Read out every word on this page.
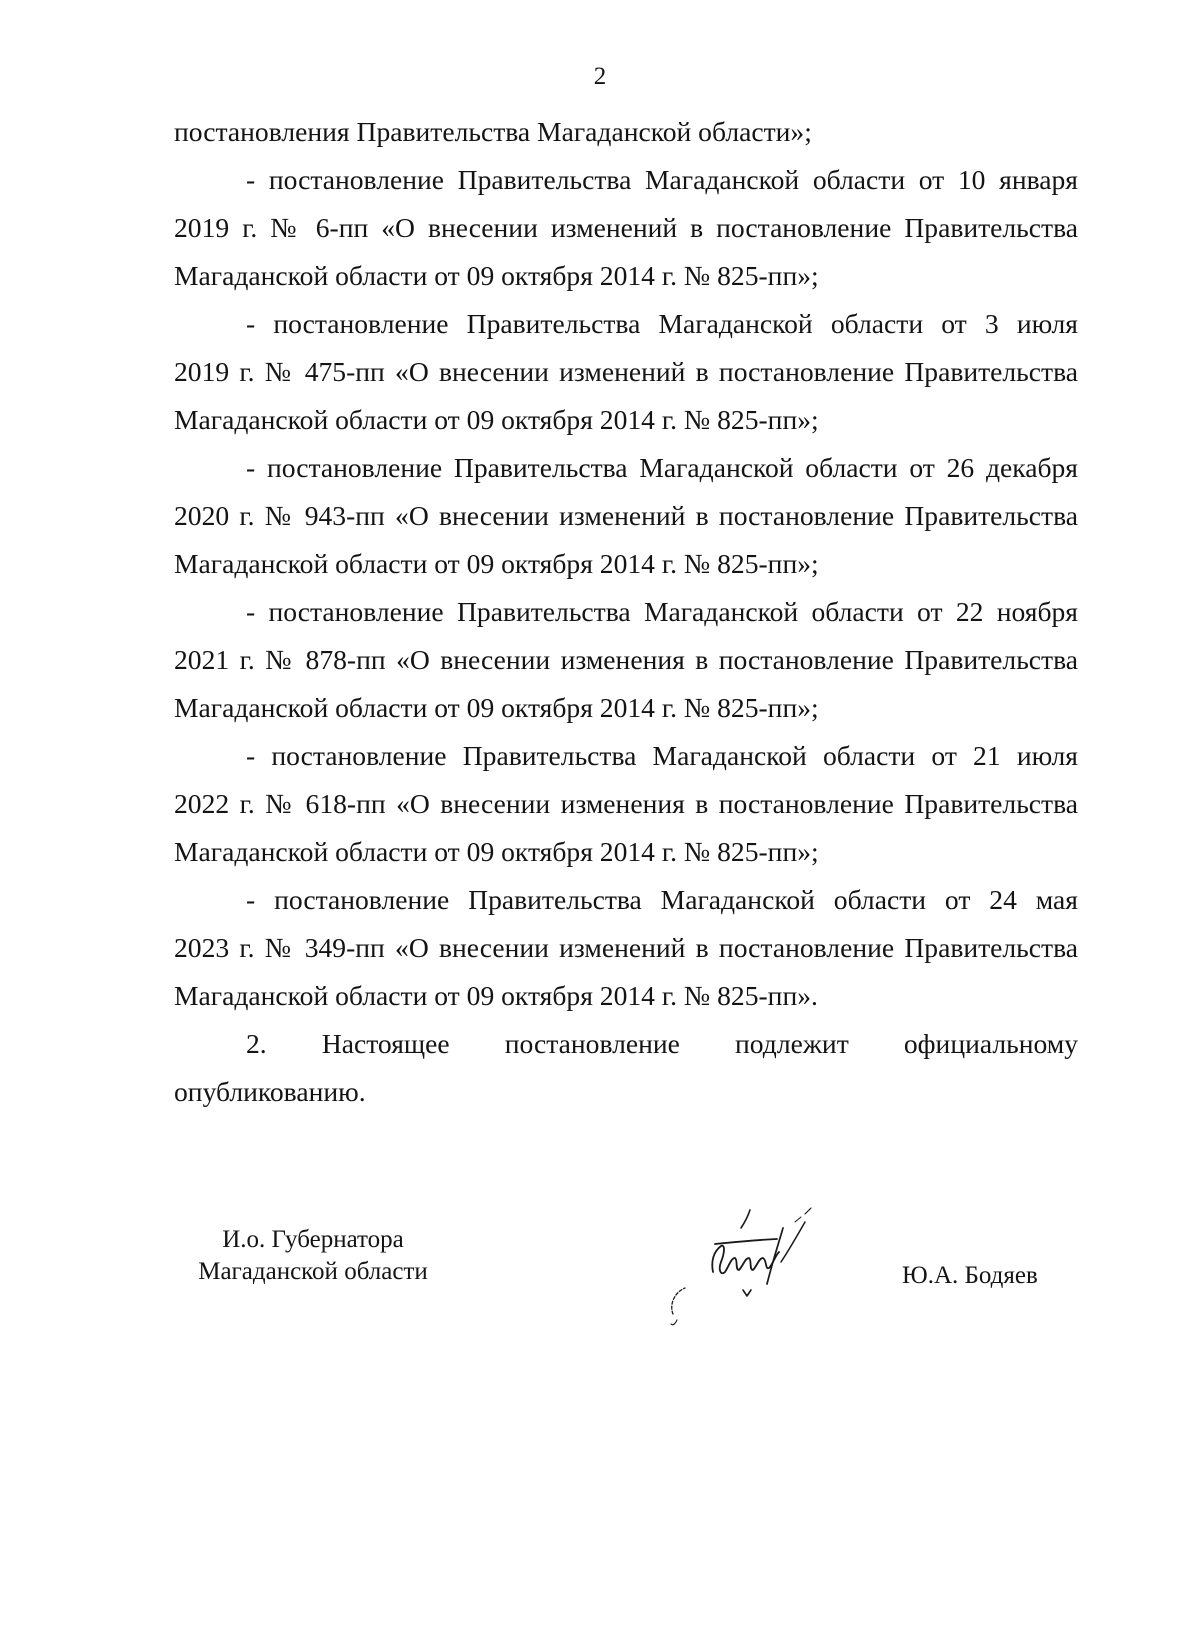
2

постановления Правительства Магаданской области»;

- постановление Правительства Магаданской области от 10 января
2019 г. № 6-пп «О внесении изменений в постановление Правительства
Магаданской области от 09 октября 2014 г. № 825-пп»;

- постановление Правительства Магаданской области от 3 июля
2019 г. № 475-пп «О внесении изменений в постановление Правительства
Магаданской области от 09 октября 2014 г. № 825-пп»;

- постановление Правительства Магаданской области от 26 декабря
2020 г. № 943-пп «О внесении изменений в постановление Правительства
Магаданской области от 09 октября 2014 г. № 825-пп»;

- постановление Правительства Магаданской области от 22 ноября
2021 г. № 878-пп «О внесении изменения в постановление Правительства
Магаданской области от 09 октября 2014 г. № 825-пп»;

- постановление Правительства Магаданской области от 21 июля
2022 г. № 618-пп «О внесении изменения в постановление Правительства
Магаданской области от 09 октября 2014 г. № 825-пп»;

- постановление Правительства Магаданской области от 24 мая
2023 г. № 349-пп «О внесении изменений в постановление Правительства
Магаданской области от 09 октября 2014 г. № 825-пп».

2. Настоящее постановление подлежит официальному
опубликованию.

И.о. Губернатора
Магаданской области	Ю.А. Бодяев
